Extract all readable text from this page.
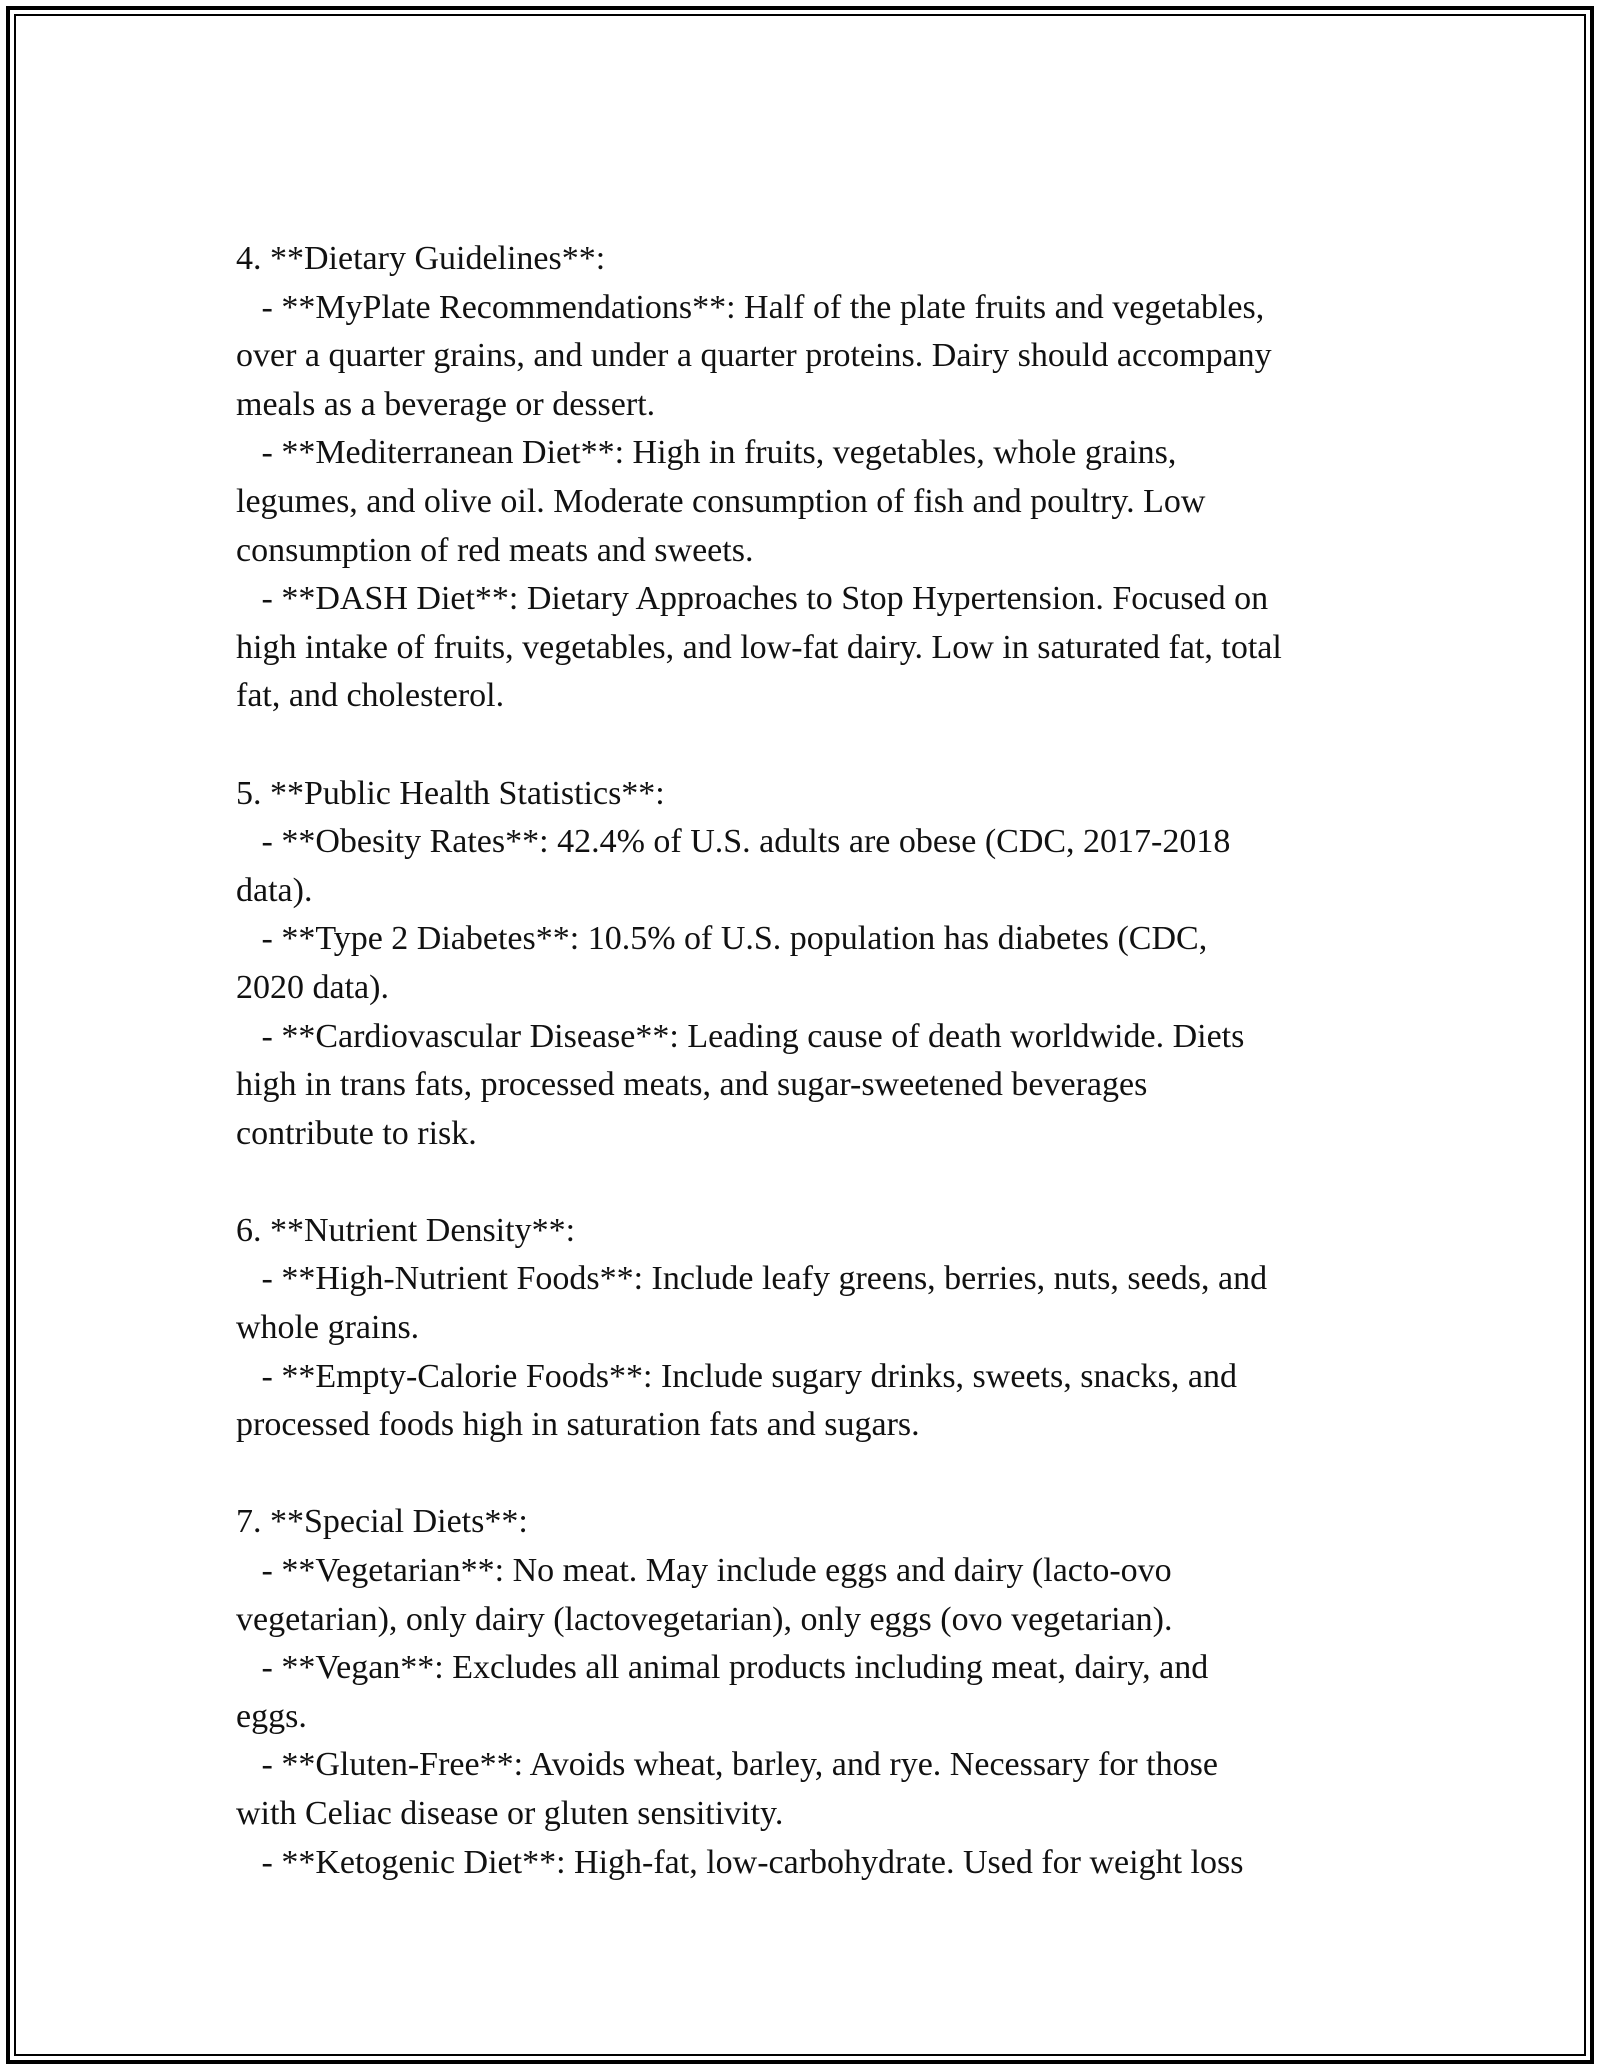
4. **Dietary Guidelines**:
- **MyPlate Recommendations**: Half of the plate fruits and vegetables,
over a quarter grains, and under a quarter proteins. Dairy should accompany
meals as a beverage or dessert.
- **Mediterranean Diet**: High in fruits, vegetables, whole grains,
legumes, and olive oil. Moderate consumption of fish and poultry. Low
consumption of red meats and sweets.
- **DASH Diet**: Dietary Approaches to Stop Hypertension. Focused on
high intake of fruits, vegetables, and low-fat dairy. Low in saturated fat, total
fat, and cholesterol.
5. **Public Health Statistics**:
- **Obesity Rates**: 42.4% of U.S. adults are obese (CDC, 2017-2018
data).
- **Type 2 Diabetes**: 10.5% of U.S. population has diabetes (CDC,
2020 data).
- **Cardiovascular Disease**: Leading cause of death worldwide. Diets
high in trans fats, processed meats, and sugar-sweetened beverages
contribute to risk.
6. **Nutrient Density**:
- **High-Nutrient Foods**: Include leafy greens, berries, nuts, seeds, and
whole grains.
- **Empty-Calorie Foods**: Include sugary drinks, sweets, snacks, and
processed foods high in saturation fats and sugars.
7. **Special Diets**:
- **Vegetarian**: No meat. May include eggs and dairy (lacto-ovo
vegetarian), only dairy (lactovegetarian), only eggs (ovo vegetarian).
- **Vegan**: Excludes all animal products including meat, dairy, and
eggs.
- **Gluten-Free**: Avoids wheat, barley, and rye. Necessary for those
with Celiac disease or gluten sensitivity.
- **Ketogenic Diet**: High-fat, low-carbohydrate. Used for weight loss
